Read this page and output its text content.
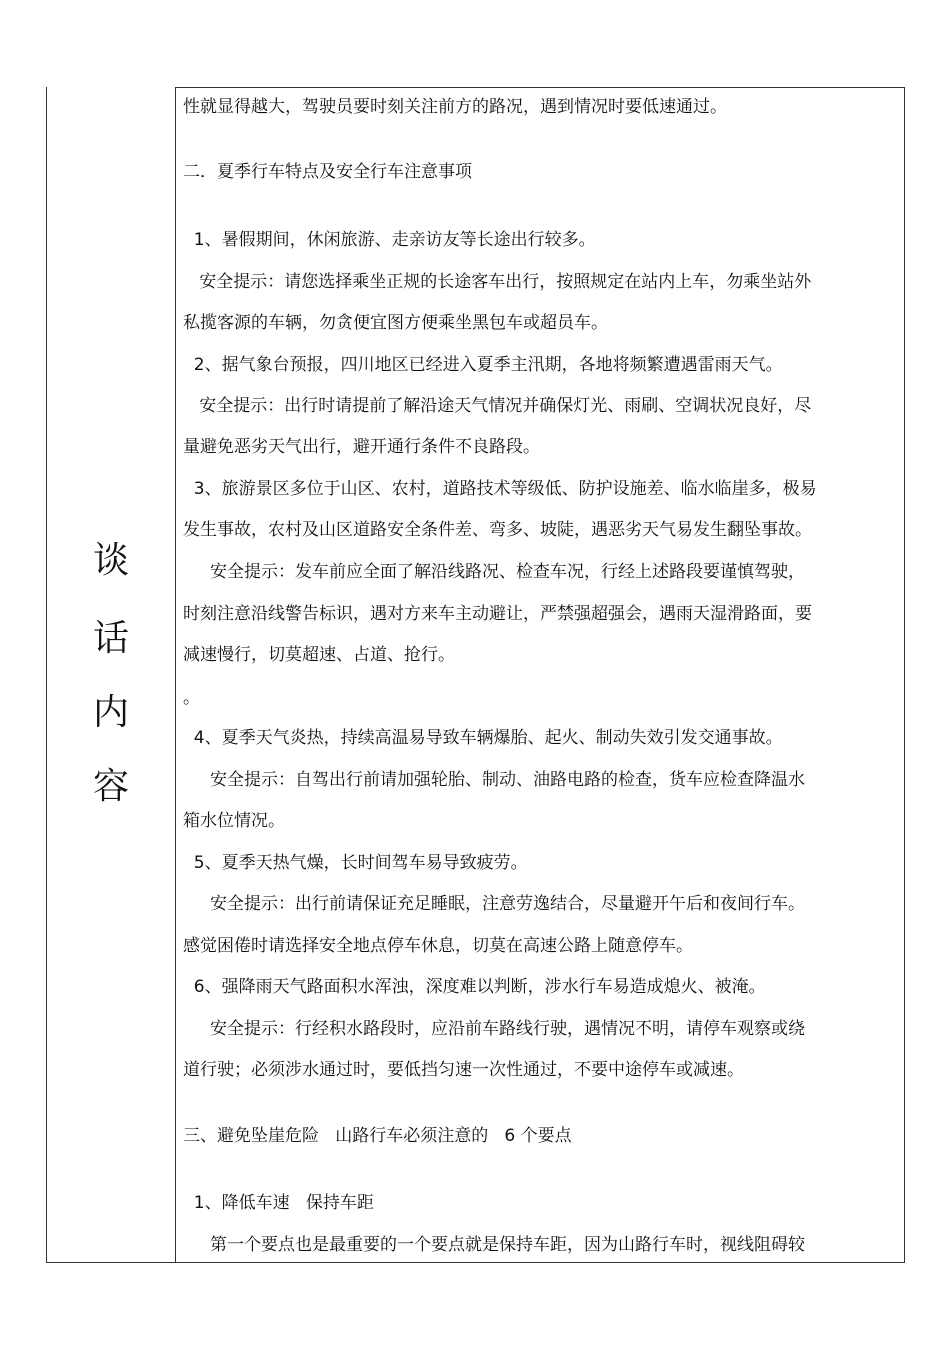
谈
话
内
容
性就显得越大，驾驶员要时刻关注前方的路况，遇到情况时要低速通过。
二．夏季行车特点及安全行车注意事项
1、暑假期间，休闲旅游、走亲访友等长途出行较多。
安全提示：请您选择乘坐正规的长途客车出行，按照规定在站内上车，勿乘坐站外
私揽客源的车辆，勿贪便宜图方便乘坐黑包车或超员车。
2、据气象台预报，四川地区已经进入夏季主汛期，各地将频繁遭遇雷雨天气。
安全提示：出行时请提前了解沿途天气情况并确保灯光、雨刷、空调状况良好，尽
量避免恶劣天气出行，避开通行条件不良路段。
3、旅游景区多位于山区、农村，道路技术等级低、防护设施差、临水临崖多，极易
发生事故，农村及山区道路安全条件差、弯多、坡陡，遇恶劣天气易发生翻坠事故。
安全提示：发车前应全面了解沿线路况、检查车况，行经上述路段要谨慎驾驶，
时刻注意沿线警告标识，遇对方来车主动避让，严禁强超强会，遇雨天湿滑路面，要
减速慢行，切莫超速、占道、抢行。
。
4、夏季天气炎热，持续高温易导致车辆爆胎、起火、制动失效引发交通事故。
安全提示：自驾出行前请加强轮胎、制动、油路电路的检查，货车应检查降温水
箱水位情况。
5、夏季天热气燥，长时间驾车易导致疲劳。
安全提示：出行前请保证充足睡眠，注意劳逸结合，尽量避开午后和夜间行车。
感觉困倦时请选择安全地点停车休息，切莫在高速公路上随意停车。
6、强降雨天气路面积水浑浊，深度难以判断，涉水行车易造成熄火、被淹。
安全提示：行经积水路段时，应沿前车路线行驶，遇情况不明，请停车观察或绕
道行驶；必须涉水通过时，要低挡匀速一次性通过，不要中途停车或减速。
三、避免坠崖危险   山路行车必须注意的   6 个要点
1、降低车速   保持车距
第一个要点也是最重要的一个要点就是保持车距，因为山路行车时，视线阻碍较
